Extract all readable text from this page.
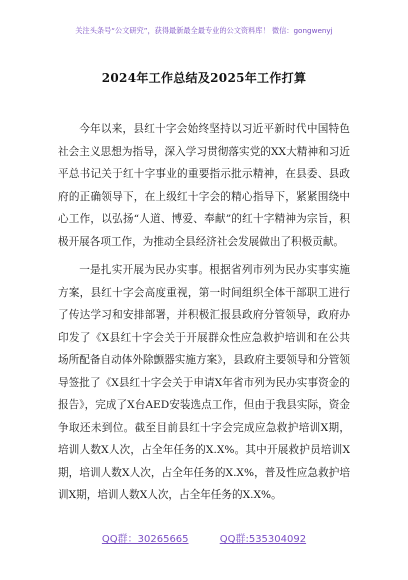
关注头条号“公文研究”，获得最新最全最专业的公文资料库！ 微信：gongwenyj
2024年工作总结及2025年工作打算

今年以来，县红十字会始终坚持以习近平新时代中国特色社会主义思想为指导，深入学习贯彻落实党的XX大精神和习近平总书记关于红十字事业的重要指示批示精神，在县委、县政府的正确领导下，在上级红十字会的精心指导下，紧紧围绕中心工作，以弘扬“人道、博爱、奉献”的红十字精神为宗旨，积极开展各项工作，为推动全县经济社会发展做出了积极贡献。

一是扎实开展为民办实事。根据省列市列为民办实事实施方案，县红十字会高度重视，第一时间组织全体干部职工进行了传达学习和安排部署，并积极汇报县政府分管领导，政府办印发了《X县红十字会关于开展群众性应急救护培训和在公共场所配备自动体外除颤器实施方案》，县政府主要领导和分管领导签批了《X县红十字会关于申请X年省市列为民办实事资金的报告》，完成了X台AED安装选点工作，但由于我县实际，资金争取还未到位。截至目前县红十字会完成应急救护培训X期，培训人数X人次，占全年任务的X.X%。其中开展救护员培训X期，培训人数X人次，占全年任务的X.X%，普及性应急救护培训X期，培训人数X人次，占全年任务的X.X%。

QQ群：30265665	QQ群:535304092
